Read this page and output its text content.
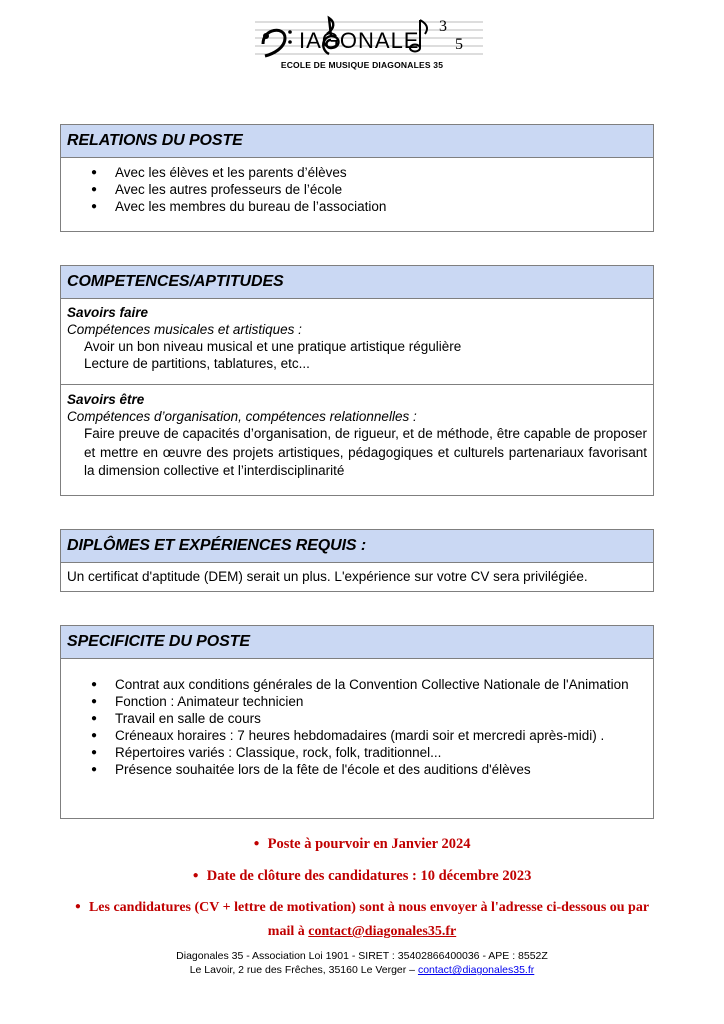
IAGONALE
3
5
ECOLE DE MUSIQUE DIAGONALES 35
RELATIONS DU POSTE
● Avec les élèves et les parents d’élèves
● Avec les autres professeurs de l’école
● Avec les membres du bureau de l’association
COMPETENCES/APTITUDES
Savoirs faire
Compétences musicales et artistiques :
Avoir un bon niveau musical et une pratique artistique régulière
Lecture de partitions, tablatures, etc...
Savoirs être
Compétences d’organisation, compétences relationnelles :
Faire preuve de capacités d’organisation, de rigueur, et de méthode, être capable de proposer et mettre en œuvre des projets artistiques, pédagogiques et culturels partenariaux favorisant la dimension collective et l’interdisciplinarité
DIPLÔMES ET EXPÉRIENCES REQUIS :
Un certificat d'aptitude (DEM) serait un plus. L'expérience sur votre CV sera privilégiée.
SPECIFICITE DU POSTE
● Contrat aux conditions générales de la Convention Collective Nationale de l'Animation
● Fonction : Animateur technicien
● Travail en salle de cours
● Créneaux horaires : 7 heures hebdomadaires (mardi soir et mercredi après-midi) .
● Répertoires variés : Classique, rock, folk, traditionnel...
● Présence souhaitée lors de la fête de l'école et des auditions d'élèves
● Poste à pourvoir en Janvier 2024
● Date de clôture des candidatures : 10 décembre 2023
● Les candidatures (CV + lettre de motivation) sont à nous envoyer à l'adresse ci-dessous ou par
mail à contact@diagonales35.fr
Diagonales 35 - Association Loi 1901 - SIRET : 35402866400036 - APE : 8552Z
Le Lavoir, 2 rue des Frêches, 35160 Le Verger – contact@diagonales35.fr
